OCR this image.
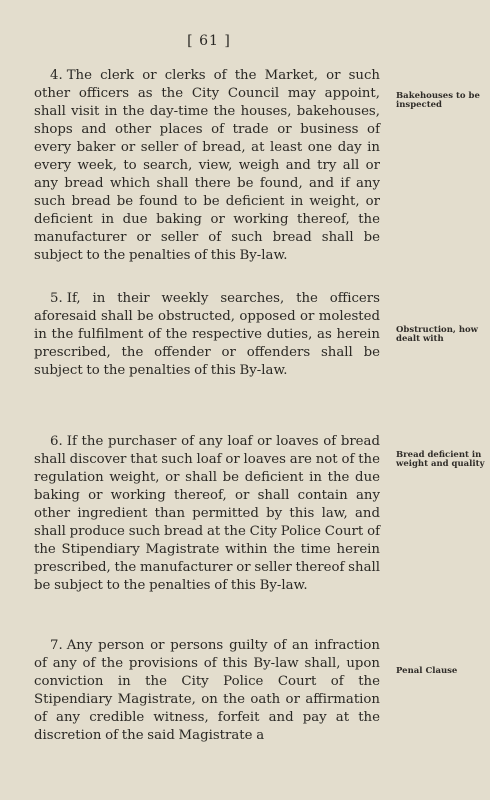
[ 61 ]
4. The clerk or clerks of the Market, or such other officers as the City Council may appoint, shall visit in the day-time the houses, bakehouses, shops and other places of trade or business of every baker or seller of bread, at least one day in every week, to search, view, weigh and try all or any bread which shall there be found, and if any such bread be found to be deficient in weight, or deficient in due baking or working thereof, the manufacturer or seller of such bread shall be subject to the penalties of this By-law.
Bakehouses to be inspected
5. If, in their weekly searches, the officers aforesaid shall be obstructed, opposed or molested in the fulfilment of the respective duties, as herein prescribed, the offender or offenders shall be subject to the penalties of this By-law.
Obstruction, how dealt with
6. If the purchaser of any loaf or loaves of bread shall discover that such loaf or loaves are not of the regulation weight, or shall be deficient in the due baking or working thereof, or shall contain any other ingredient than permitted by this law, and shall produce such bread at the City Police Court of the Stipendiary Magistrate within the time herein prescribed, the manufacturer or seller thereof shall be subject to the penalties of this By-law.
Bread deficient in weight and quality
7. Any person or persons guilty of an infraction of any of the provisions of this By-law shall, upon conviction in the City Police Court of the Stipendiary Magistrate, on the oath or affirmation of any credible witness, forfeit and pay at the discretion of the said Magistrate a
Penal Clause
